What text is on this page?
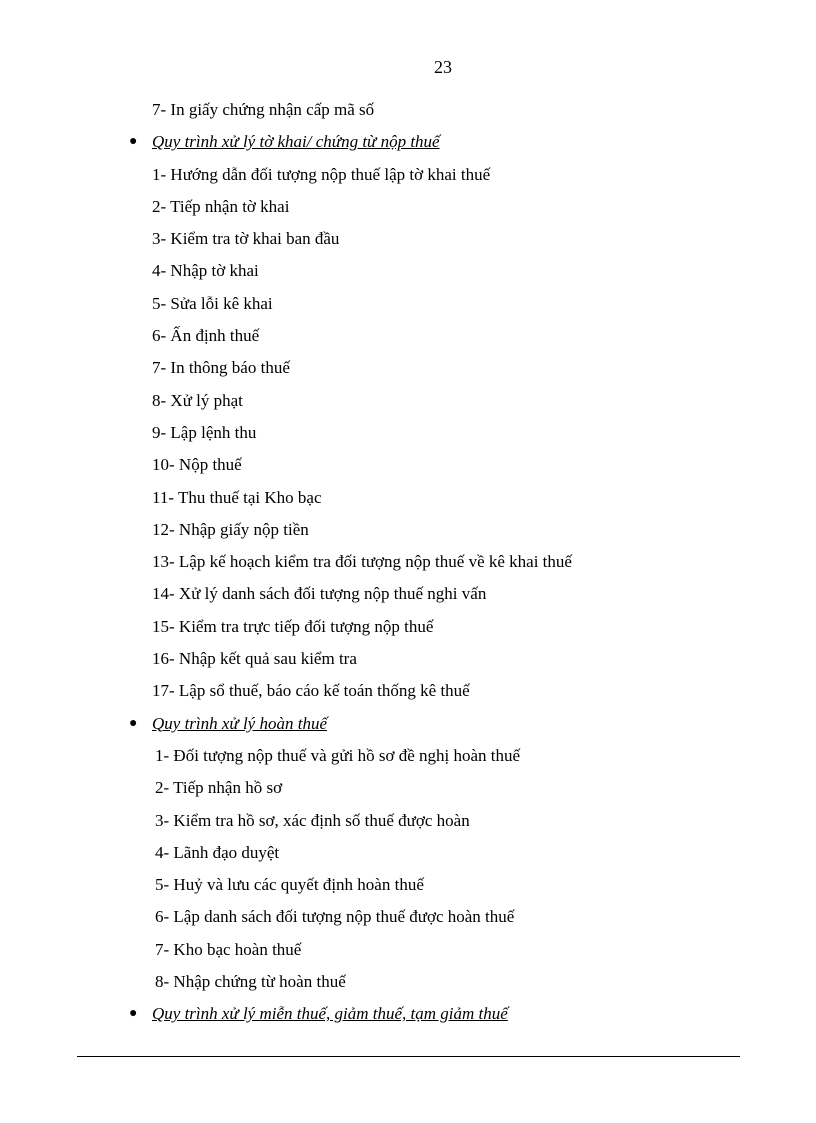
23
7- In giấy chứng nhận cấp mã số
● Quy trình xử lý tờ khai/ chứng từ nộp thuế
1- Hướng dẫn đối tượng nộp thuế lập tờ khai thuế
2- Tiếp nhận tờ khai
3- Kiểm tra tờ khai ban đầu
4- Nhập tờ khai
5- Sửa lỗi kê khai
6- Ấn định thuế
7- In thông báo thuế
8- Xử lý phạt
9- Lập lệnh thu
10- Nộp thuế
11- Thu thuế tại Kho bạc
12- Nhập giấy nộp tiền
13- Lập kế hoạch kiểm tra đối tượng nộp thuế về kê khai thuế
14- Xử lý danh sách đối tượng nộp thuế nghi vấn
15- Kiểm tra trực tiếp đối tượng nộp thuế
16- Nhập kết quả sau kiểm tra
17- Lập sổ thuế, báo cáo kế toán thống kê thuế
● Quy trình xử lý hoàn thuế
1- Đối tượng nộp thuế và gửi hồ sơ đề nghị hoàn thuế
2- Tiếp nhận hồ sơ
3- Kiểm tra hồ sơ, xác định số thuế được hoàn
4- Lãnh đạo duyệt
5- Huỷ và lưu các quyết định hoàn thuế
6- Lập danh sách đối tượng nộp thuế được hoàn thuế
7- Kho bạc hoàn thuế
8- Nhập chứng từ hoàn thuế
● Quy trình xử lý miễn thuế, giảm thuế, tạm giảm thuế
